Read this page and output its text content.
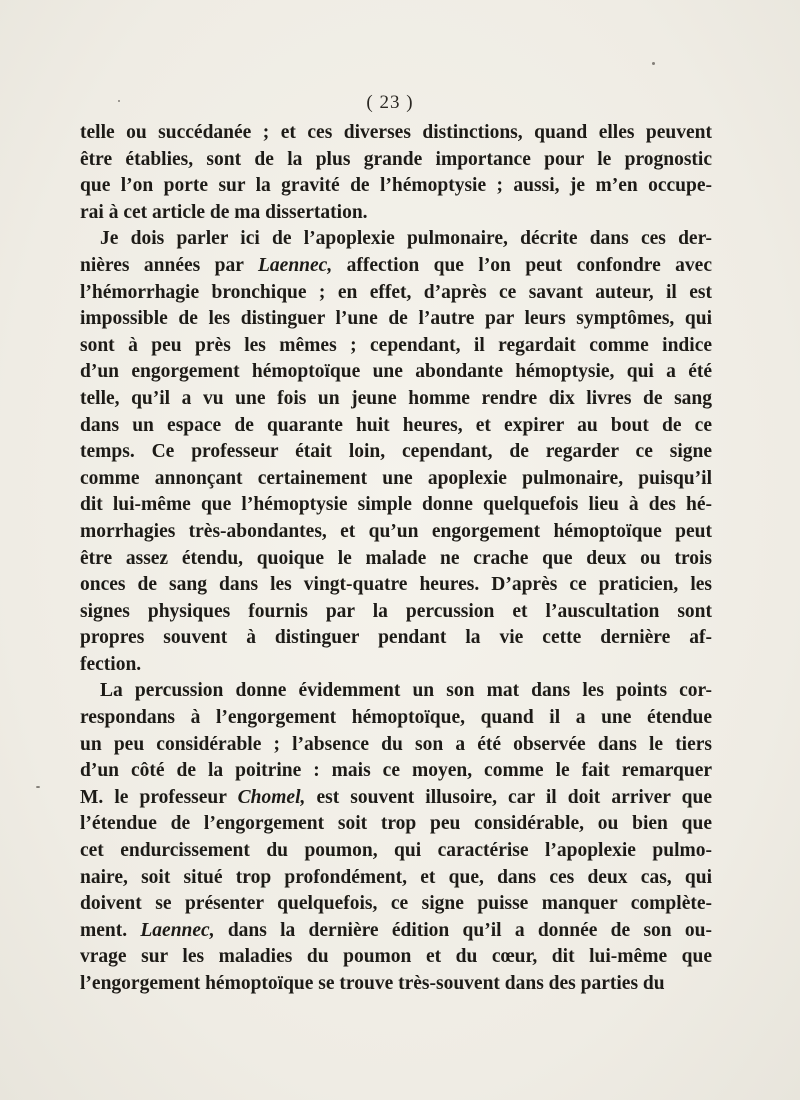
( 23 )
telle ou succédanée ; et ces diverses distinctions, quand elles peuvent
être établies, sont de la plus grande importance pour le prognostic
que l’on porte sur la gravité de l’hémoptysie ; aussi, je m’en occupe-
rai à cet article de ma dissertation.
Je dois parler ici de l’apoplexie pulmonaire, décrite dans ces der-
nières années par Laennec, affection que l’on peut confondre avec
l’hémorrhagie bronchique ; en effet, d’après ce savant auteur, il est
impossible de les distinguer l’une de l’autre par leurs symptômes, qui
sont à peu près les mêmes ; cependant, il regardait comme indice
d’un engorgement hémoptoïque une abondante hémoptysie, qui a été
telle, qu’il a vu une fois un jeune homme rendre dix livres de sang
dans un espace de quarante huit heures, et expirer au bout de ce
temps. Ce professeur était loin, cependant, de regarder ce signe
comme annonçant certainement une apoplexie pulmonaire, puisqu’il
dit lui-même que l’hémoptysie simple donne quelquefois lieu à des hé-
morrhagies très-abondantes, et qu’un engorgement hémoptoïque peut
être assez étendu, quoique le malade ne crache que deux ou trois
onces de sang dans les vingt-quatre heures. D’après ce praticien, les
signes physiques fournis par la percussion et l’auscultation sont
propres souvent à distinguer pendant la vie cette dernière af-
fection.
La percussion donne évidemment un son mat dans les points cor-
respondans à l’engorgement hémoptoïque, quand il a une étendue
un peu considérable ; l’absence du son a été observée dans le tiers
d’un côté de la poitrine : mais ce moyen, comme le fait remarquer
M. le professeur Chomel, est souvent illusoire, car il doit arriver que
l’étendue de l’engorgement soit trop peu considérable, ou bien que
cet endurcissement du poumon, qui caractérise l’apoplexie pulmo-
naire, soit situé trop profondément, et que, dans ces deux cas, qui
doivent se présenter quelquefois, ce signe puisse manquer complète-
ment. Laennec, dans la dernière édition qu’il a donnée de son ou-
vrage sur les maladies du poumon et du cœur, dit lui-même que
l’engorgement hémoptoïque se trouve très-souvent dans des parties du
